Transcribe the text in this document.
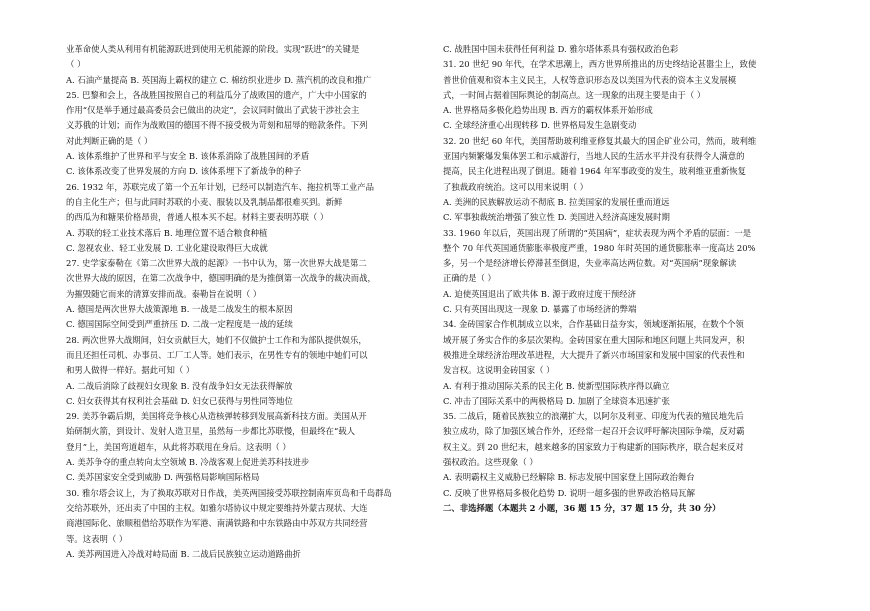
业革命使人类从利用有机能源跃进到使用无机能源的阶段。实现“跃进”的关键是
（ ）
A. 石油产量提高 B. 英国海上霸权的建立 C. 棉纺织业进步 D. 蒸汽机的改良和推广
25. 巴黎和会上，各战胜国按照自己的利益瓜分了战败国的遗产，广大中小国家的
作用“仅是举手通过最高委员会已做出的决定”，会议同时做出了武装干涉社会主
义苏俄的计划；而作为战败国的德国不得不接受极为苛刻和屈辱的赔款条件。下列
对此判断正确的是（ ）
A. 该体系维护了世界和平与安全 B. 该体系消除了战胜国间的矛盾
C. 该体系改变了世界发展的方向 D. 该体系埋下了新战争的种子
26. 1932 年，苏联完成了第一个五年计划，已经可以制造汽车、拖拉机等工业产品
的自主化生产；但与此同时苏联的小麦、服装以及乳制品都很难买到。新鲜
的西瓜为和糖果价格昂贵，普通人根本买不起。材料主要表明苏联（ ）
A. 苏联的轻工业技术落后 B. 地理位置不适合粮食种植
C. 忽视农业、轻工业发展 D. 工业化建设取得巨大成就
27. 史学家泰勒在《第二次世界大战的起源》一书中认为，第一次世界大战是第二
次世界大战的原因，在第二次战争中，德国明确的是为推倒第一次战争的裁决而战，
为摧毁随它而来的清算安排而战。泰勒旨在说明（ ）
A. 德国是两次世界大战策源地 B. 一战是二战发生的根本原因
C. 德国国际空间受到严重挤压 D. 二战一定程度是一战的延续
28. 两次世界大战期间，妇女贡献巨大，她们不仅做护士工作和为部队提供娱乐，
而且还担任司机、办事员、工厂工人等。她们表示，在男性专有的领地中她们可以
和男人做得一样好。据此可知（ ）
A. 二战后消除了歧视妇女现象 B. 没有战争妇女无法获得解放
C. 妇女获得其有权利社会基础 D. 妇女已获得与男性同等地位
29. 美苏争霸后期，美国将竞争核心从造核弹转移到发展高新科技方面。美国从开
始研制火箭，到设计、发射人造卫星，虽然每一步都比苏联慢，但最终在“载人
登月”上，美国弯道超车，从此将苏联甩在身后。这表明（ ）
A. 美苏争夺的重点转向太空领域 B. 冷战客观上促进美苏科技进步
C. 美苏国家安全受到威胁 D. 两强格局影响国际格局
30. 雅尔塔会议上，为了换取苏联对日作战，美英两国接受苏联控制南库页岛和千岛群岛
交给苏联外，还出卖了中国的主权。如雅尔塔协议中规定要维持外蒙古现状、大连
商港国际化、旅顺租借给苏联作为军港、南满铁路和中东铁路由中苏双方共同经营
等。这表明（ ）
A. 美苏两国进入冷战对峙局面 B. 二战后民族独立运动道路曲折
C. 战胜国中国未获得任何利益 D. 雅尔塔体系具有强权政治色彩
31. 20 世纪 90 年代，在学术思潮上，西方世界所推出的历史终结论甚嚣尘上，致使
普世价值观和资本主义民主，人权等意识形态及以美国为代表的资本主义发展模
式，一时间占据着国际舆论的制高点。这一现象的出现主要是由于（ ）
A. 世界格局多极化趋势出现 B. 西方的霸权体系开始形成
C. 全球经济重心出现转移 D. 世界格局发生急剧变动
32. 20 世纪 60 年代，美国帮助玻利维亚修复其最大的国企矿业公司，然而，玻利维
亚国内频繁爆发集体罢工和示威游行，当地人民的生活水平并没有获得令人满意的
提高，民主化进程出现了倒退。随着 1964 年军事政变的发生，玻利维亚重新恢复
了独裁政府统治。这可以用来说明（ ）
A. 美洲的民族解放运动不彻底 B. 拉美国家的发展任重而道远
C. 军事独裁统治增强了独立性 D. 美国进入经济高速发展时期
33. 1960 年以后，英国出现了所谓的“英国病”，症状表现为两个矛盾的层面：一是
整个 70 年代英国通货膨胀率极度严重，1980 年时英国的通货膨胀率一度高达 20%
多，另一个是经济增长停滞甚至倒退，失业率高达两位数。对“英国病”现象解读
正确的是（ ）
A. 迫使英国退出了欧共体 B. 源于政府过度干预经济
C. 只有英国出现这一现象 D. 暴露了市场经济的弊端
34. 金砖国家合作机制成立以来，合作基础日益夯实，领域逐渐拓展，在数个个领
域开展了务实合作的多层次架构。金砖国家在重大国际和地区问题上共同发声，积
极推进全球经济治理改革进程，大大提升了新兴市场国家和发展中国家的代表性和
发言权。这说明金砖国家（ ）
A. 有利于推动国际关系的民主化 B. 使新型国际秩序得以确立
C. 冲击了国际关系中的两极格局 D. 加剧了全球资本迅速扩张
35. 二战后，随着民族独立的浪潮扩大，以阿尔及利亚、印度为代表的殖民地先后
独立成功，除了加强区域合作外，还经常一起召开会议呼吁解决国际争端，反对霸
权主义。到 20 世纪末，越来越多的国家致力于构建新的国际秩序，联合起来反对
强权政治。这些现象（ ）
A. 表明霸权主义威胁已经解除 B. 标志发展中国家登上国际政治舞台
C. 反映了世界格局多极化趋势 D. 说明一超多强的世界政治格局瓦解
二、非选择题（本题共 2 小题，36 题 15 分，37 题 15 分，共 30 分）
